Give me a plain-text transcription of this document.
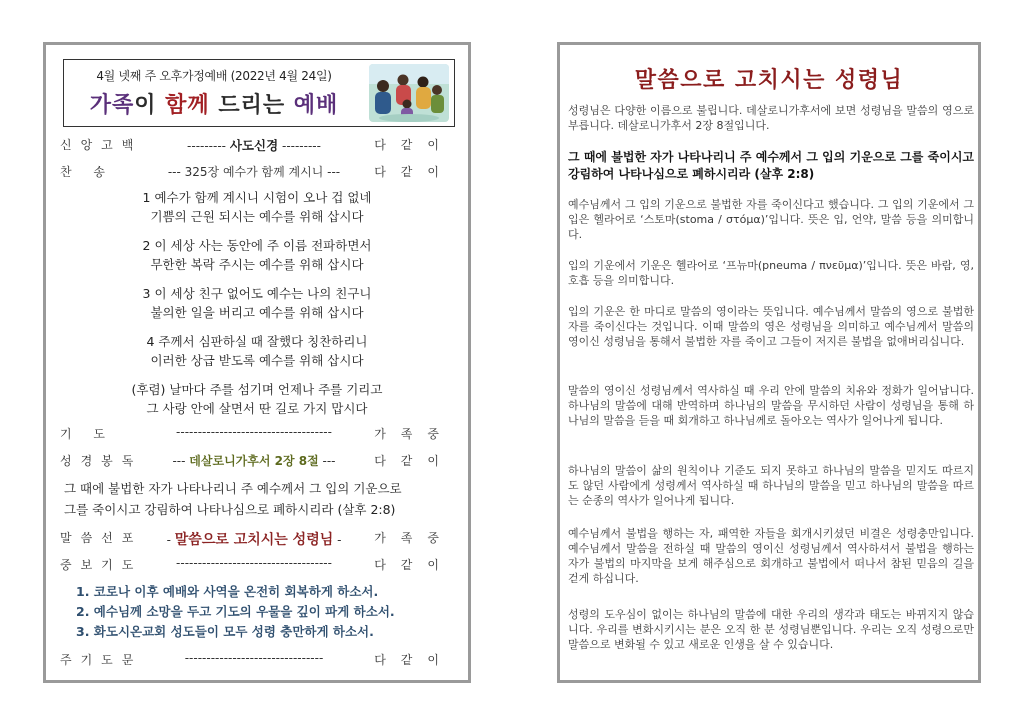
4월 넷째 주 오후가정예배 (2022년 4월 24일)
가족이 함께 드리는 예배
신앙고백	--------- 사도신경 ---------	다같이
찬 송	--- 325장 예수가 함께 계시니 ---	다같이
1 예수가 함께 계시니 시험이 오나 겁 없네
기쁨의 근원 되시는 예수를 위해 삽시다
2 이 세상 사는 동안에 주 이름 전파하면서
무한한 복락 주시는 예수를 위해 삽시다
3 이 세상 친구 없어도 예수는 나의 친구니
불의한 일을 버리고 예수를 위해 삽시다
4 주께서 심판하실 때 잘했다 칭찬하리니
이러한 상급 받도록 예수를 위해 삽시다
(후렴) 날마다 주를 섬기며 언제나 주를 기리고
그 사랑 안에 살면서 딴 길로 가지 맙시다
기 도	------------------------------------	가족중
성경봉독	--- 데살로니가후서 2장 8절 ---	다같이
그 때에 불법한 자가 나타나리니 주 예수께서 그 입의 기운으로
그를 죽이시고 강림하여 나타나심으로 폐하시리라 (살후 2:8)
말씀선포	- 말씀으로 고치시는 성령님 -	가족중
중보기도	------------------------------------	다같이
1. 코로나 이후 예배와 사역을 온전히 회복하게 하소서.
2. 예수님께 소망을 두고 기도의 우물을 깊이 파게 하소서.
3. 화도시온교회 성도들이 모두 성령 충만하게 하소서.
주기도문	--------------------------------	다같이
말씀으로 고치시는 성령님
성령님은 다양한 이름으로 불립니다. 데살로니가후서에 보면 성령님을 말씀의 영으로 부릅니다. 데살로니가후서 2장 8절입니다.
그 때에 불법한 자가 나타나리니 주 예수께서 그 입의 기운으로 그를 죽이시고 강림하여 나타나심으로 폐하시리라 (살후 2:8)
예수님께서 그 입의 기운으로 불법한 자를 죽이신다고 했습니다. 그 입의 기운에서 그 입은 헬라어로 ‘스토마(stoma / στόμα)’입니다. 뜻은 입, 언약, 말씀 등을 의미합니다.
입의 기운에서 기운은 헬라어로 ‘프뉴마(pneuma / πνεῦμα)’입니다. 뜻은 바람, 영, 호흡 등을 의미합니다.
입의 기운은 한 마디로 말씀의 영이라는 뜻입니다. 예수님께서 말씀의 영으로 불법한 자를 죽이신다는 것입니다. 이때 말씀의 영은 성령님을 의미하고 예수님께서 말씀의 영이신 성령님을 통해서 불법한 자를 죽이고 그들이 저지른 불법을 없애버리십니다.
말씀의 영이신 성령님께서 역사하실 때 우리 안에 말씀의 치유와 정화가 일어납니다. 하나님의 말씀에 대해 반역하며 하나님의 말씀을 무시하던 사람이 성령님을 통해 하나님의 말씀을 듣을 때 회개하고 하나님께로 돌아오는 역사가 일어나게 됩니다.
하나님의 말씀이 삶의 원칙이나 기준도 되지 못하고 하나님의 말씀을 믿지도 따르지도 않던 사람에게 성령께서 역사하실 때 하나님의 말씀을 믿고 하나님의 말씀을 따르는 순종의 역사가 일어나게 됩니다.
예수님께서 불법을 행하는 자, 패역한 자들을 회개시키셨던 비결은 성령충만입니다. 예수님께서 말씀을 전하실 때 말씀의 영이신 성령님께서 역사하셔서 불법을 행하는 자가 불법의 마지막을 보게 해주심으로 회개하고 불법에서 떠나서 참된 믿음의 길을 걷게 하십니다.
성령의 도우심이 없이는 하나님의 말씀에 대한 우리의 생각과 태도는 바뀌지지 않습니다. 우리를 변화시키시는 분은 오직 한 분 성령님뿐입니다. 우리는 오직 성령으로만 말씀으로 변화될 수 있고 새로운 인생을 살 수 있습니다.
